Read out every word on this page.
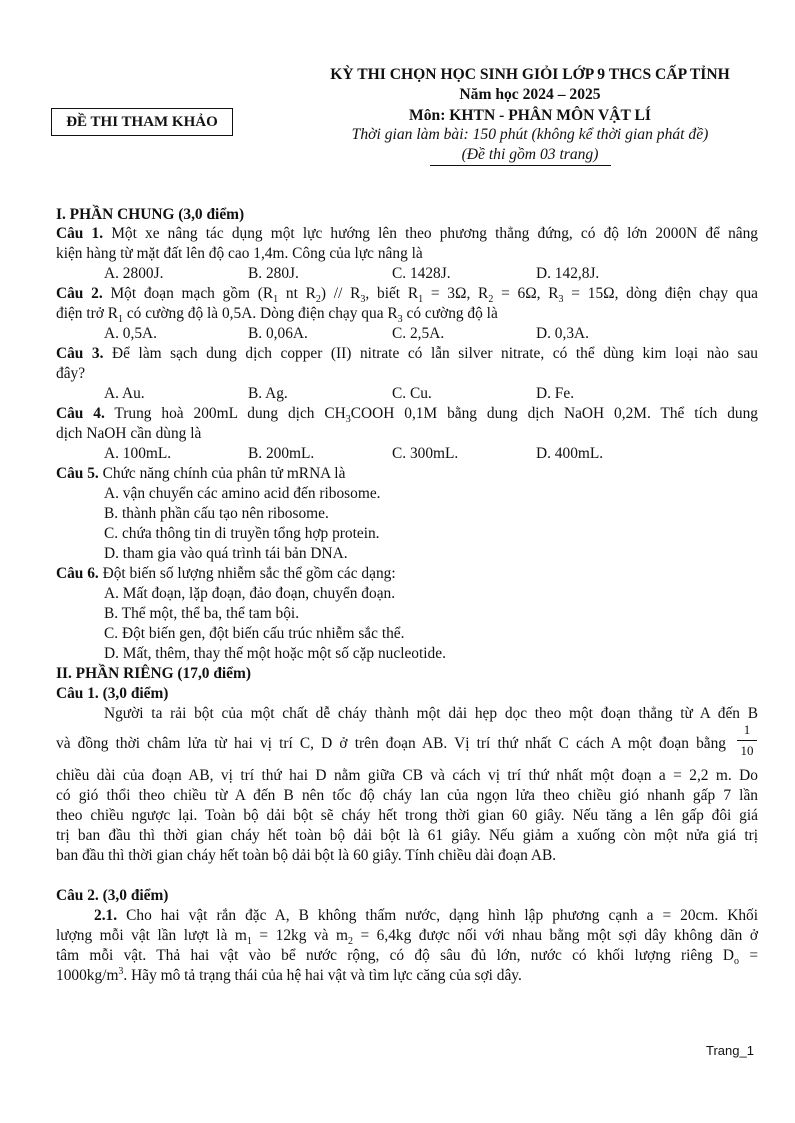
KỲ THI CHỌN HỌC SINH GIỎI LỚP 9 THCS CẤP TỈNH
Năm học 2024 – 2025
Môn: KHTN - PHÂN MÔN VẬT LÍ
Thời gian làm bài: 150 phút (không kể thời gian phát đề)
(Đề thi gồm 03 trang)
ĐỀ THI THAM KHẢO
I. PHẦN CHUNG (3,0 điểm)
Câu 1. Một xe nâng tác dụng một lực hướng lên theo phương thẳng đứng, có độ lớn 2000N để nâng
kiện hàng từ mặt đất lên độ cao 1,4m. Công của lực nâng là
A. 2800J.	B. 280J.	C. 1428J.	D. 142,8J.
Câu 2. Một đoạn mạch gồm ($R_1$ nt $R_2) // R_3$, biết $R_1 = 3\Omega$, $R_2 = 6\Omega$, $R_3 = 15\Omega$, dòng điện chạy qua
điện trở $R_1$ có cường độ là 0,5A. Dòng điện chạy qua $R_3$ có cường độ là
A. 0,5A.	B. 0,06A.	C. 2,5A.	D. 0,3A.
Câu 3. Để làm sạch dung dịch copper (II) nitrate có lẫn silver nitrate, có thể dùng kim loại nào sau
đây?
A. Au.	B. Ag.	C. Cu.	D. Fe.
Câu 4. Trung hoà 200mL dung dịch $CH_3COOH$ 0,1M bằng dung dịch NaOH 0,2M. Thể tích dung
dịch NaOH cần dùng là
A. 100mL.	B. 200mL.	C. 300mL.	D. 400mL.
Câu 5. Chức năng chính của phân tử mRNA là
A. vận chuyển các amino acid đến ribosome.
B. thành phần cấu tạo nên ribosome.
C. chứa thông tin di truyền tổng hợp protein.
D. tham gia vào quá trình tái bản DNA.
Câu 6. Đột biến số lượng nhiễm sắc thể gồm các dạng:
A. Mất đoạn, lặp đoạn, đảo đoạn, chuyển đoạn.
B. Thể một, thể ba, thể tam bội.
C. Đột biến gen, đột biến cấu trúc nhiễm sắc thể.
D. Mất, thêm, thay thế một hoặc một số cặp nucleotide.
II. PHẦN RIÊNG (17,0 điểm)
Câu 1. (3,0 điểm)
Người ta rải bột của một chất dễ cháy thành một dải hẹp dọc theo một đoạn thẳng từ A đến B
và đồng thời châm lửa từ hai vị trí C, D ở trên đoạn AB. Vị trí thứ nhất C cách A một đoạn bằng
1
10
chiều dài của đoạn AB, vị trí thứ hai D nằm giữa CB và cách vị trí thứ nhất một đoạn a = 2,2 m. Do
có gió thổi theo chiều từ A đến B nên tốc độ cháy lan của ngọn lửa theo chiều gió nhanh gấp 7 lần
theo chiều ngược lại. Toàn bộ dải bột sẽ cháy hết trong thời gian 60 giây. Nếu tăng a lên gấp đôi giá
trị ban đầu thì thời gian cháy hết toàn bộ dải bột là 61 giây. Nếu giảm a xuống còn một nửa giá trị
ban đầu thì thời gian cháy hết toàn bộ dải bột là 60 giây. Tính chiều dài đoạn AB.
Câu 2. (3,0 điểm)
2.1. Cho hai vật rắn đặc A, B không thấm nước, dạng hình lập phương cạnh a = 20cm. Khối
lượng mỗi vật lần lượt là $m_1 = 12kg$ và $m_2 = 6,4kg$ được nối với nhau bằng một sợi dây không dãn ở
tâm mỗi vật. Thả hai vật vào bể nước rộng, có độ sâu đủ lớn, nước có khối lượng riêng $D_o$ =
$1000kg/m^3$. Hãy mô tả trạng thái của hệ hai vật và tìm lực căng của sợi dây.
Trang_1
